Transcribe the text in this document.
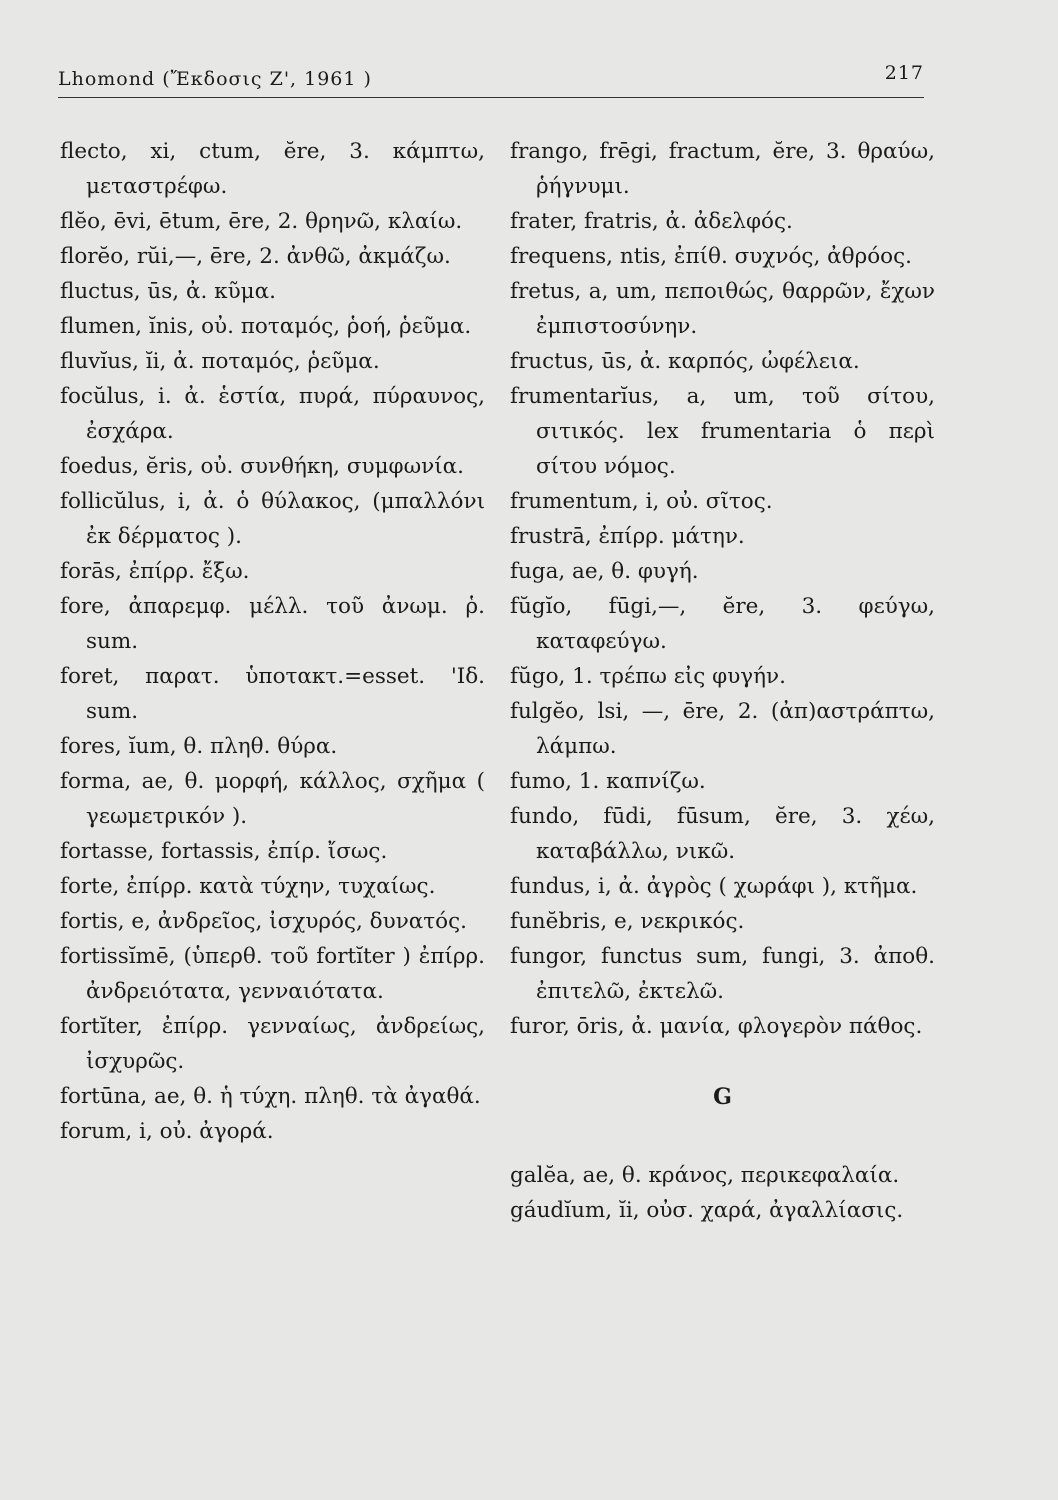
Lhomond (Ἔκδοσις Ζ', 1961 )	217

flecto, xi, ctum, ĕre, 3. κάμπτω, μεταστρέφω.

flĕo, ēvi, ētum, ēre, 2. θρηνῶ, κλαίω.

florĕo, rŭi,—, ēre, 2. ἀνθῶ, ἀκμάζω.

fluctus, ūs, ἀ. κῦμα.

flumen, ĭnis, οὐ. ποταμός, ῥοή, ῥεῦμα.

fluvĭus, ĭi, ἀ. ποταμός, ῥεῦμα.

focŭlus, i. ἀ. ἑστία, πυρά, πύραυνος, ἐσχάρα.

foedus, ĕris, οὐ. συνθήκη, συμφωνία.

follicŭlus, i, ἀ. ὁ θύλακος, (μπαλλόνι ἐκ δέρματος ).

forās, ἐπίρρ. ἔξω.

fore, ἀπαρεμφ. μέλλ. τοῦ ἀνωμ. ῥ. sum.

foret, παρατ. ὑποτακτ.=esset. 'Ιδ. sum.

fores, ĭum, θ. πληθ. θύρα.

forma, ae, θ. μορφή, κάλλος, σχῆμα ( γεωμετρικόν ).

fortasse, fortassis, ἐπίρ. ἴσως.

forte, ἐπίρρ. κατὰ τύχην, τυχαίως.

fortis, e, ἀνδρεῖος, ἰσχυρός, δυνατός.

fortissĭmē, (ὑπερθ. τοῦ fortĭter ) ἐπίρρ. ἀνδρειότατα, γενναιότατα.

fortĭter, ἐπίρρ. γενναίως, ἀνδρείως, ἰσχυρῶς.

fortūna, ae, θ. ἡ τύχη. πληθ. τὰ ἀγαθά.

forum, i, οὐ. ἀγορά.

frango, frēgi, fractum, ĕre, 3. θραύω, ῥήγνυμι.

frater, fratris, ἀ. ἀδελφός.

frequens, ntis, ἐπίθ. συχνός, ἀθρόος.

fretus, a, um, πεποιθώς, θαρρῶν, ἔχων ἐμπιστοσύνην.

fructus, ūs, ἀ. καρπός, ὠφέλεια.

frumentarĭus, a, um, τοῦ σίτου, σιτικός. lex frumentaria ὁ περὶ σίτου νόμος.

frumentum, i, οὐ. σῖτος.

frustrā, ἐπίρρ. μάτην.

fuga, ae, θ. φυγή.

fŭgĭo, fūgi,—, ĕre, 3. φεύγω, καταφεύγω.

fŭgo, 1. τρέπω εἰς φυγήν.

fulgĕo, lsi, —, ēre, 2. (ἀπ)αστράπτω, λάμπω.

fumo, 1. καπνίζω.

fundo, fūdi, fūsum, ĕre, 3. χέω, καταβάλλω, νικῶ.

fundus, i, ἀ. ἀγρὸς ( χωράφι ), κτῆμα.

funĕbris, e, νεκρικός.

fungor, functus sum, fungi, 3. ἀποθ. ἐπιτελῶ, ἐκτελῶ.

furor, ōris, ἀ. μανία, φλογερὸν πάθος.

G

galĕa, ae, θ. κράνος, περικεφαλαία.

gáudĭum, ĭi, οὐσ. χαρά, ἀγαλλίασις.
